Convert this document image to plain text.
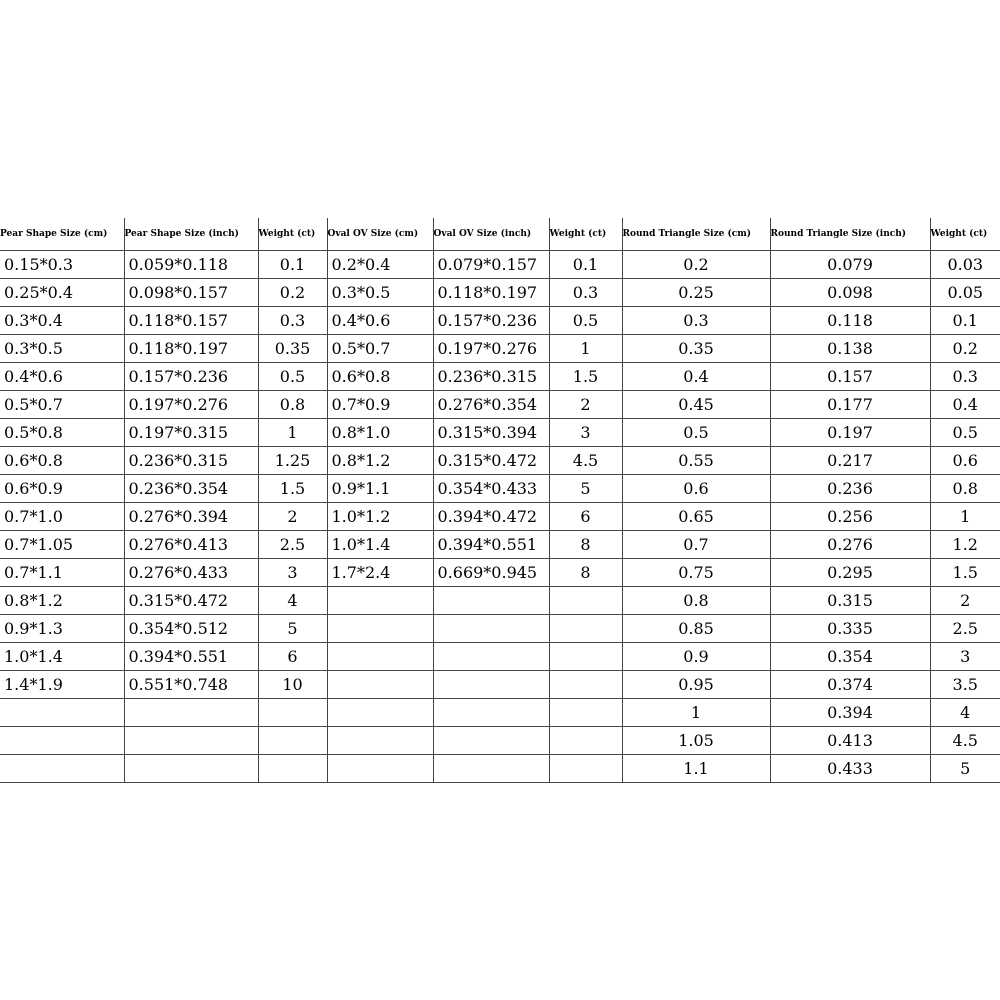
Pear Shape Size (cm)	Pear Shape Size (inch)	Weight (ct)	Oval OV Size (cm)	Oval OV Size (inch)	Weight (ct)	Round Triangle Size (cm)	Round Triangle Size (inch)	Weight (ct)
0.15*0.3	0.059*0.118	0.1	0.2*0.4	0.079*0.157	0.1	0.2	0.079	0.03
0.25*0.4	0.098*0.157	0.2	0.3*0.5	0.118*0.197	0.3	0.25	0.098	0.05
0.3*0.4	0.118*0.157	0.3	0.4*0.6	0.157*0.236	0.5	0.3	0.118	0.1
0.3*0.5	0.118*0.197	0.35	0.5*0.7	0.197*0.276	1	0.35	0.138	0.2
0.4*0.6	0.157*0.236	0.5	0.6*0.8	0.236*0.315	1.5	0.4	0.157	0.3
0.5*0.7	0.197*0.276	0.8	0.7*0.9	0.276*0.354	2	0.45	0.177	0.4
0.5*0.8	0.197*0.315	1	0.8*1.0	0.315*0.394	3	0.5	0.197	0.5
0.6*0.8	0.236*0.315	1.25	0.8*1.2	0.315*0.472	4.5	0.55	0.217	0.6
0.6*0.9	0.236*0.354	1.5	0.9*1.1	0.354*0.433	5	0.6	0.236	0.8
0.7*1.0	0.276*0.394	2	1.0*1.2	0.394*0.472	6	0.65	0.256	1
0.7*1.05	0.276*0.413	2.5	1.0*1.4	0.394*0.551	8	0.7	0.276	1.2
0.7*1.1	0.276*0.433	3	1.7*2.4	0.669*0.945	8	0.75	0.295	1.5
0.8*1.2	0.315*0.472	4				0.8	0.315	2
0.9*1.3	0.354*0.512	5				0.85	0.335	2.5
1.0*1.4	0.394*0.551	6				0.9	0.354	3
1.4*1.9	0.551*0.748	10				0.95	0.374	3.5
						1	0.394	4
						1.05	0.413	4.5
						1.1	0.433	5
